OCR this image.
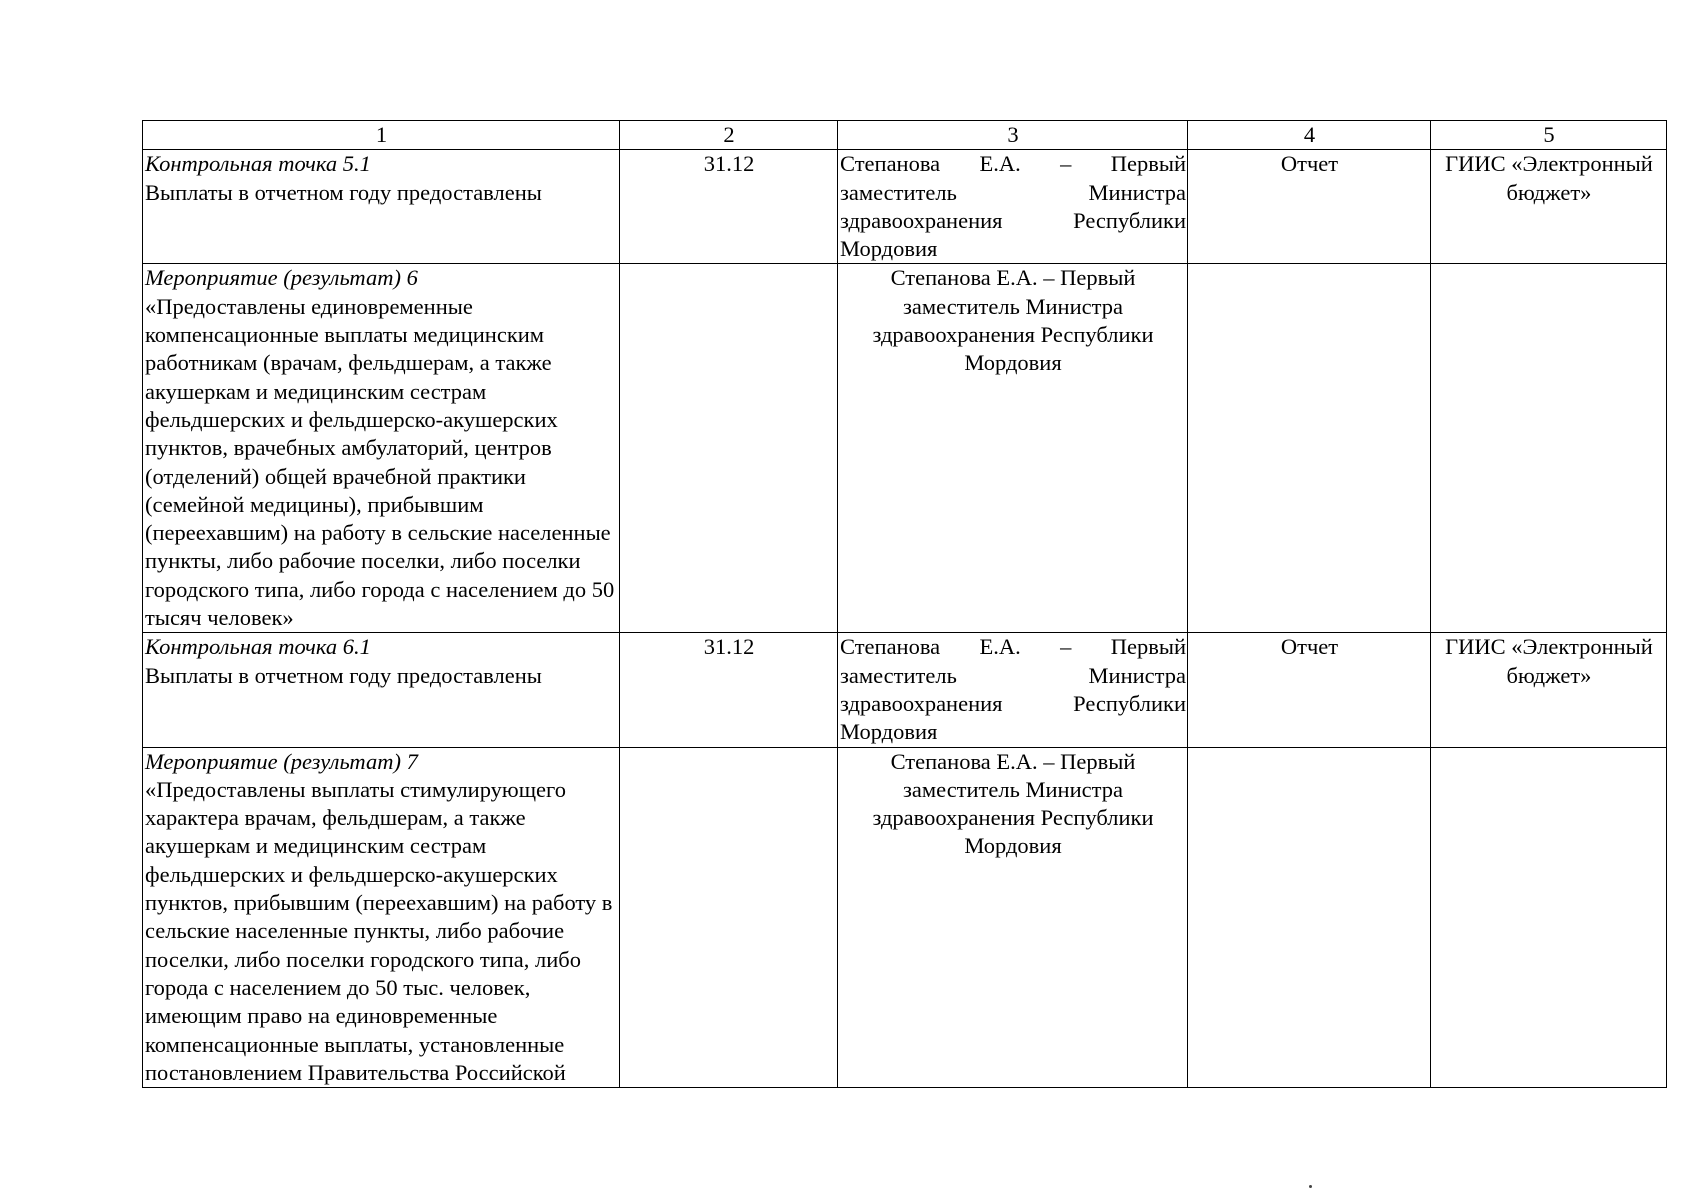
1	2	3	4	5

Контрольная точка 5.1
Выплаты в отчетном году предоставлены	31.12	Степанова Е.А. – Первый заместитель Министра здравоохранения Республики Мордовия	Отчет	ГИИС «Электронный бюджет»

Мероприятие (результат) 6
«Предоставлены единовременные компенсационные выплаты медицинским работникам (врачам, фельдшерам, а также акушеркам и медицинским сестрам фельдшерских и фельдшерско-акушерских пунктов, врачебных амбулаторий, центров (отделений) общей врачебной практики (семейной медицины), прибывшим (переехавшим) на работу в сельские населенные пункты, либо рабочие поселки, либо поселки городского типа, либо города с населением до 50 тысяч человек»		Степанова Е.А. – Первый заместитель Министра здравоохранения Республики Мордовия		

Контрольная точка 6.1
Выплаты в отчетном году предоставлены	31.12	Степанова Е.А. – Первый заместитель Министра здравоохранения Республики Мордовия	Отчет	ГИИС «Электронный бюджет»

Мероприятие (результат) 7
«Предоставлены выплаты стимулирующего характера врачам, фельдшерам, а также акушеркам и медицинским сестрам фельдшерских и фельдшерско-акушерских пунктов, прибывшим (переехавшим) на работу в сельские населенные пункты, либо рабочие поселки, либо поселки городского типа, либо города с населением до 50 тыс. человек, имеющим право на единовременные компенсационные выплаты, установленные постановлением Правительства Российской		Степанова Е.А. – Первый заместитель Министра здравоохранения Республики Мордовия		
